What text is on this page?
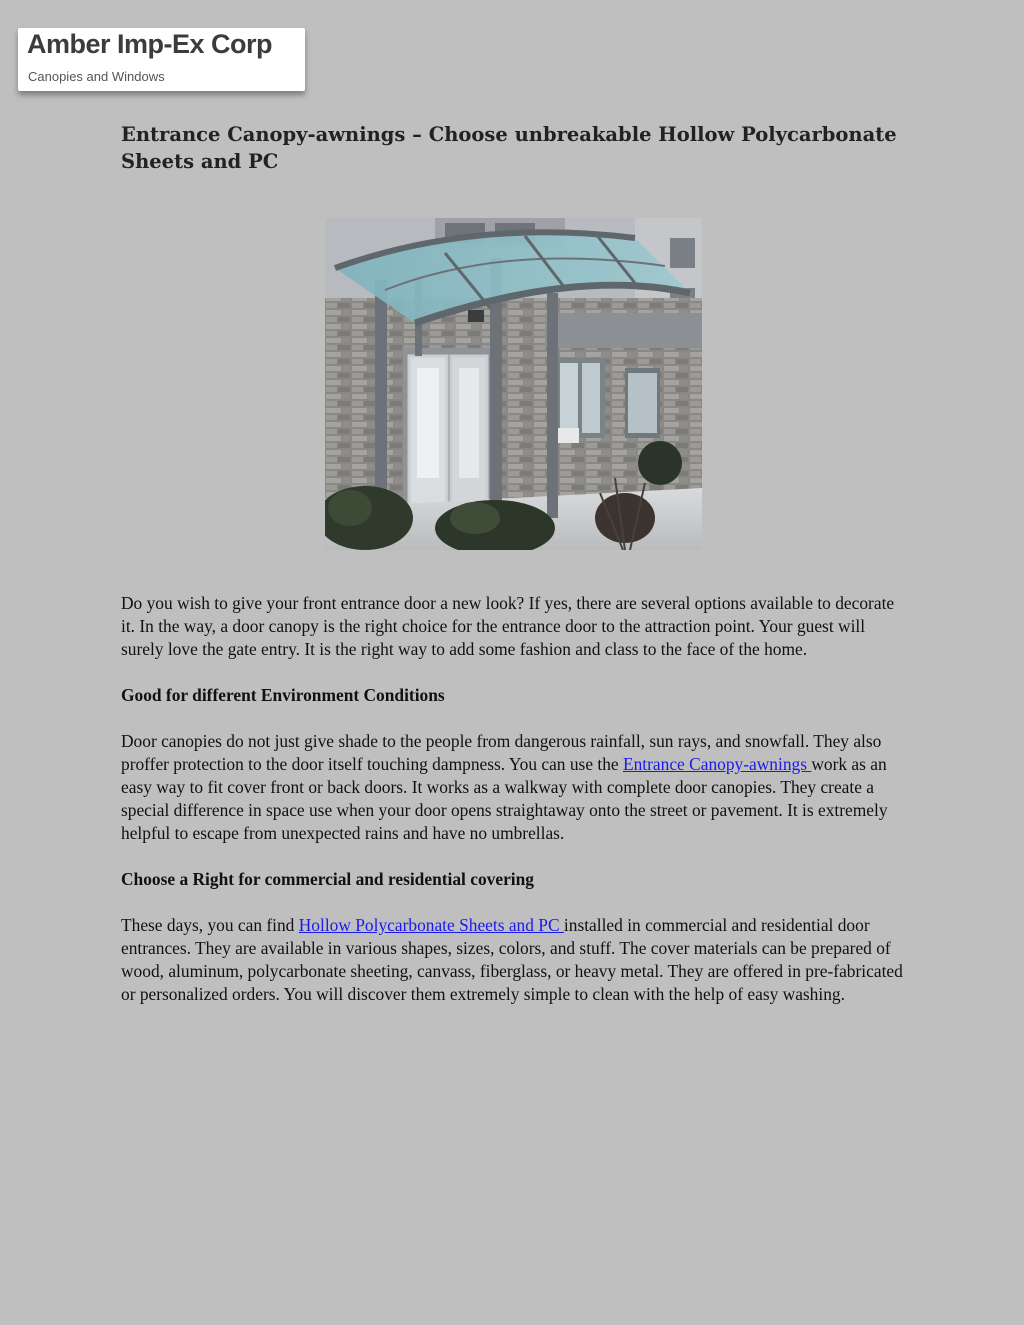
Amber Imp-Ex Corp
Canopies and Windows
Entrance Canopy-awnings – Choose unbreakable Hollow Polycarbonate Sheets and PC

Do you wish to give your front entrance door a new look? If yes, there are several options available to decorate it. In the way, a door canopy is the right choice for the entrance door to the attraction point. Your guest will surely love the gate entry. It is the right way to add some fashion and class to the face of the home.

Good for different Environment Conditions

Door canopies do not just give shade to the people from dangerous rainfall, sun rays, and snowfall. They also proffer protection to the door itself touching dampness. You can use the Entrance Canopy-awnings work as an easy way to fit cover front or back doors. It works as a walkway with complete door canopies. They create a special difference in space use when your door opens straightaway onto the street or pavement. It is extremely helpful to escape from unexpected rains and have no umbrellas.

Choose a Right for commercial and residential covering

These days, you can find Hollow Polycarbonate Sheets and PC installed in commercial and residential door entrances. They are available in various shapes, sizes, colors, and stuff. The cover materials can be prepared of wood, aluminum, polycarbonate sheeting, canvass, fiberglass, or heavy metal. They are offered in pre-fabricated or personalized orders. You will discover them extremely simple to clean with the help of easy washing.
